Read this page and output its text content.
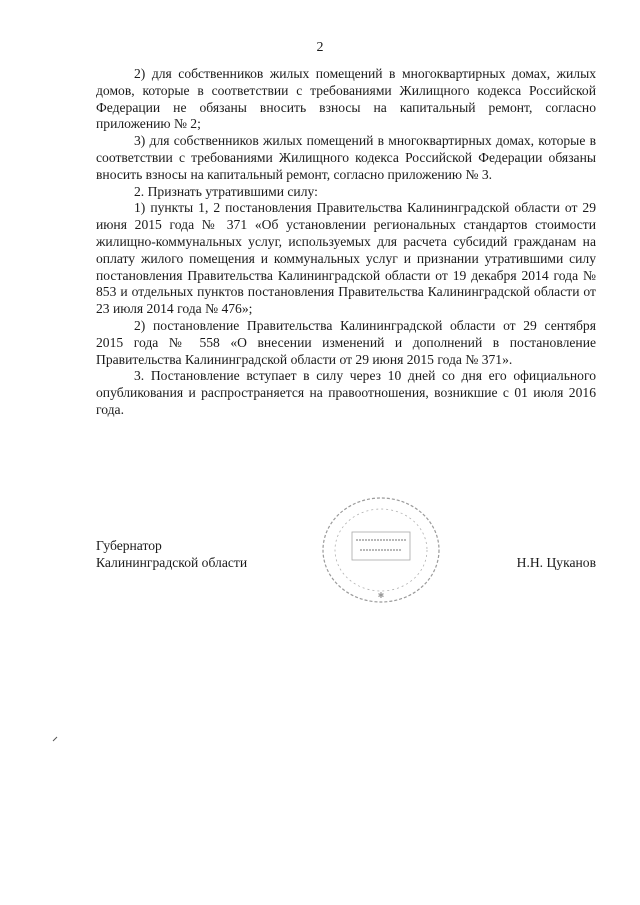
2

2) для собственников жилых помещений в многоквартирных домах, жилых домов, которые в соответствии с требованиями Жилищного кодекса Российской Федерации не обязаны вносить взносы на капитальный ремонт, согласно приложению № 2;

3) для собственников жилых помещений в многоквартирных домах, которые в соответствии с требованиями Жилищного кодекса Российской Федерации обязаны вносить взносы на капитальный ремонт, согласно приложению № 3.

2. Признать утратившими силу:

1) пункты 1, 2 постановления Правительства Калининградской области от 29 июня 2015 года № 371 «Об установлении региональных стандартов стоимости жилищно-коммунальных услуг, используемых для расчета субсидий гражданам на оплату жилого помещения и коммунальных услуг и признании утратившими силу постановления Правительства Калининградской области от 19 декабря 2014 года № 853 и отдельных пунктов постановления Правительства Калининградской области от 23 июля 2014 года № 476»;

2) постановление Правительства Калининградской области от 29 сентября 2015 года № 558 «О внесении изменений и дополнений в постановление Правительства Калининградской области от 29 июня 2015 года № 371».

3. Постановление вступает в силу через 10 дней со дня его официального опубликования и распространяется на правоотношения, возникшие с 01 июля 2016 года.

✱
Губернатор
Калининградской области	Н.Н. Цуканов
